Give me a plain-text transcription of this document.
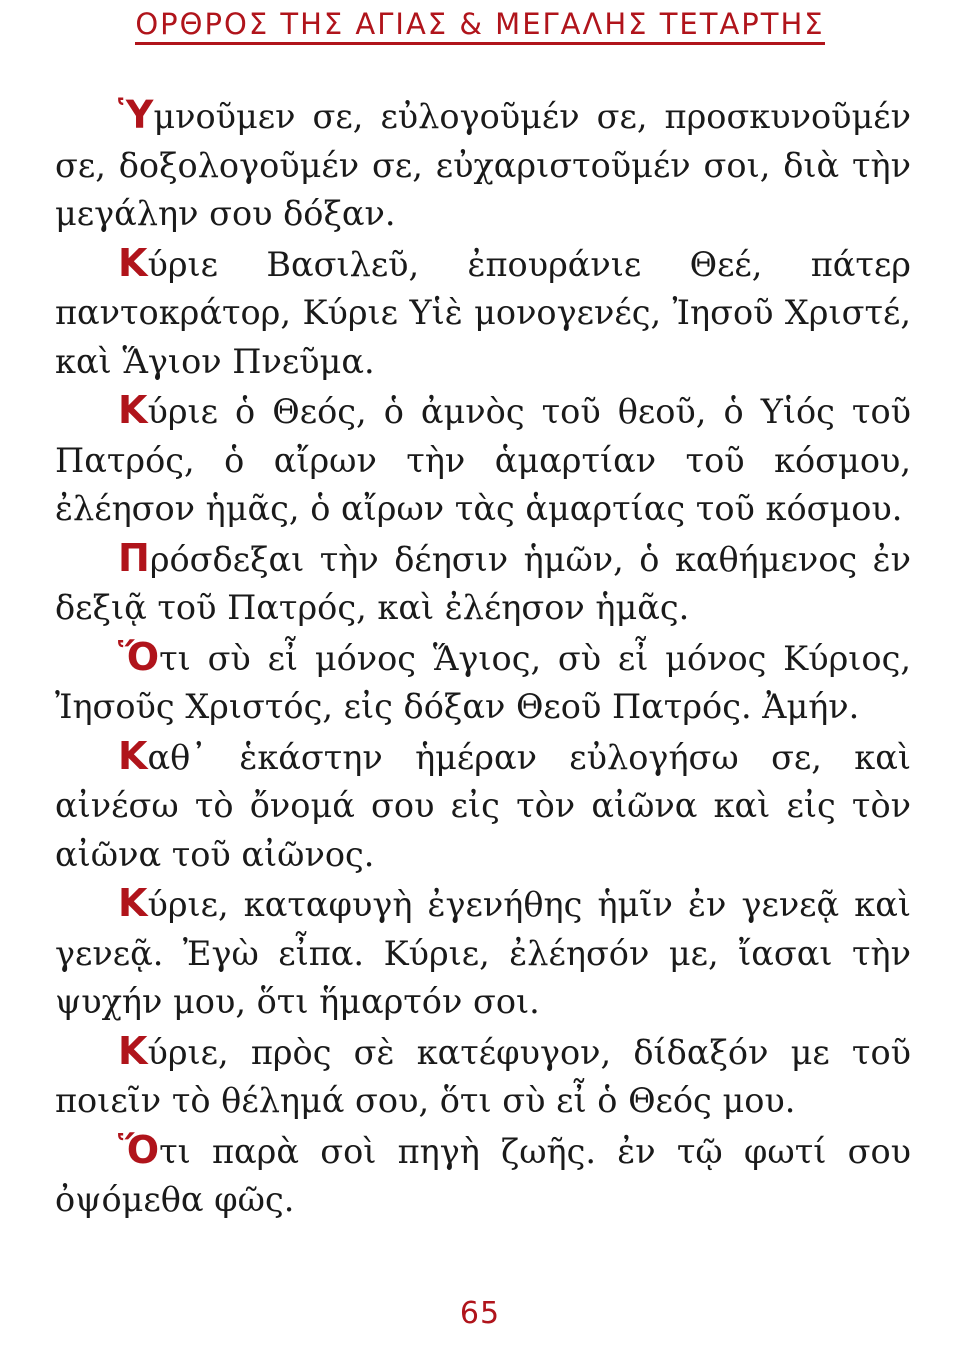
ΟΡΘΡΟΣ ΤΗΣ ΑΓΙΑΣ & ΜΕΓΑΛΗΣ ΤΕΤΑΡΤΗΣ

Ὑμνοῦμεν σε, εὐλογοῦμέν σε, προσκυνοῦμέν σε, δοξολογοῦμέν σε, εὐχαριστοῦμέν σοι, διὰ τὴν μεγάλην σου δόξαν.

Κύριε Βασιλεῦ, ἐπουράνιε Θεέ, πάτερ παντοκράτορ, Κύριε Υἱὲ μονογενές, Ἰησοῦ Χριστέ, καὶ Ἅγιον Πνεῦμα.

Κύριε ὁ Θεός, ὁ ἀμνὸς τοῦ θεοῦ, ὁ Υἱός τοῦ Πατρός, ὁ αἴρων τὴν ἁμαρτίαν τοῦ κόσμου, ἐλέησον ἡμᾶς, ὁ αἴρων τὰς ἁμαρτίας τοῦ κόσμου.

Πρόσδεξαι τὴν δέησιν ἡμῶν, ὁ καθήμενος ἐν δεξιᾷ τοῦ Πατρός, καὶ ἐλέησον ἡμᾶς.

Ὅτι σὺ εἶ μόνος Ἅγιος, σὺ εἶ μόνος Κύριος, Ἰησοῦς Χριστός, εἰς δόξαν Θεοῦ Πατρός. Ἀμήν.

Καθ᾽ ἑκάστην ἡμέραν εὐλογήσω σε, καὶ αἰνέσω τὸ ὄνομά σου εἰς τὸν αἰῶνα καὶ εἰς τὸν αἰῶνα τοῦ αἰῶνος.

Κύριε, καταφυγὴ ἐγενήθης ἡμῖν ἐν γενεᾷ καὶ γενεᾷ. Ἐγὼ εἶπα. Κύριε, ἐλέησόν με, ἴασαι τὴν ψυχήν μου, ὅτι ἥμαρτόν σοι.

Κύριε, πρὸς σὲ κατέφυγον, δίδαξόν με τοῦ ποιεῖν τὸ θέλημά σου, ὅτι σὺ εἶ ὁ Θεός μου.

Ὅτι παρὰ σοὶ πηγὴ ζωῆς. ἐν τῷ φωτί σου ὀψόμεθα φῶς.

65
